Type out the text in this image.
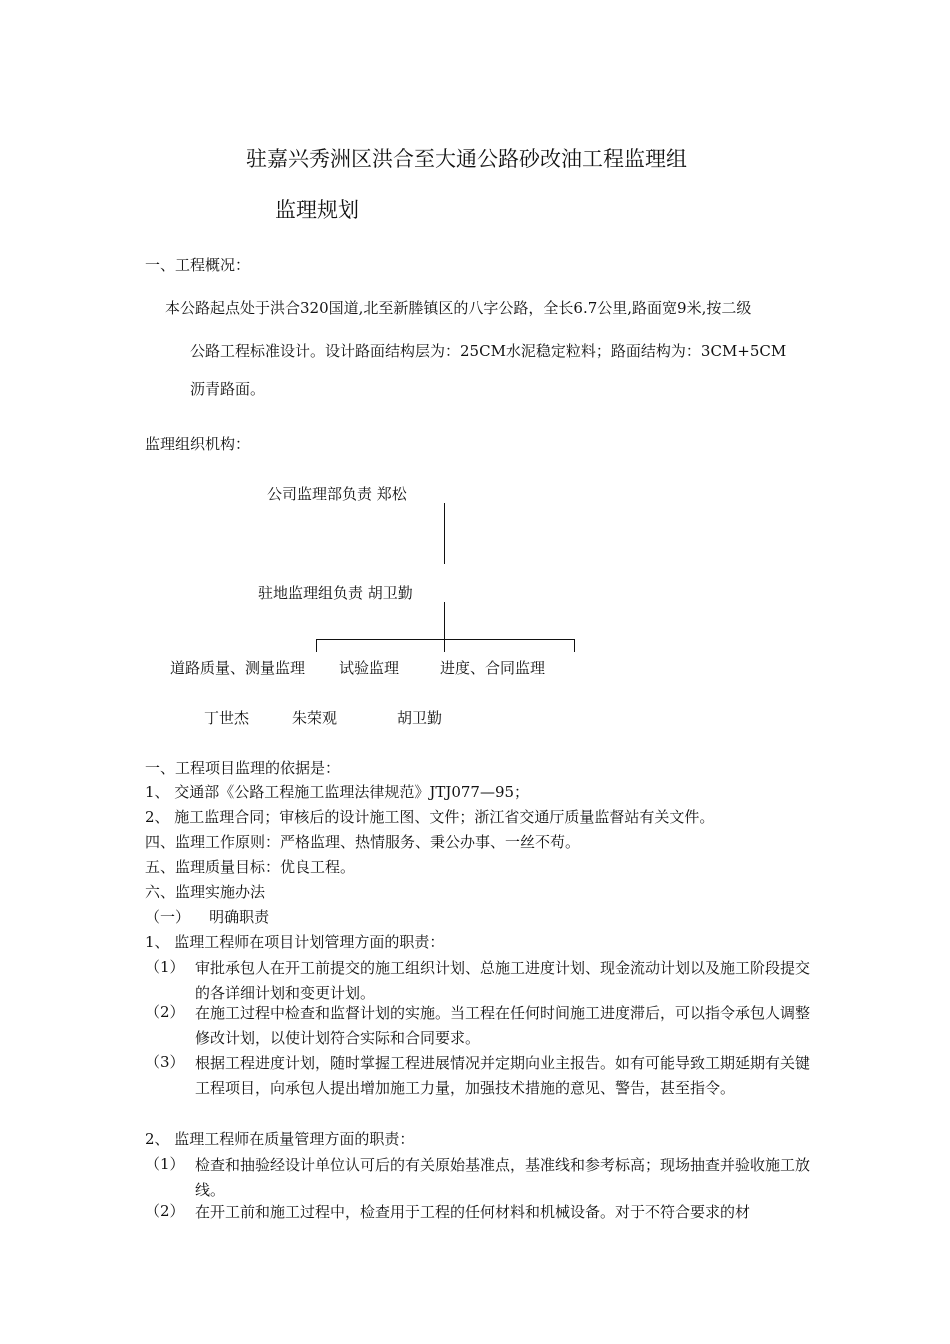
驻嘉兴秀洲区洪合至大通公路砂改油工程监理组
监理规划
一、工程概况：
本公路起点处于洪合320国道,北至新塍镇区的八字公路，全长6.7公里,路面宽9米,按二级
公路工程标准设计。设计路面结构层为：25CM水泥稳定粒料；路面结构为：3CM+5CM
沥青路面。
监理组织机构：
公司监理部负责 郑松
驻地监理组负责 胡卫勤
道路质量、测量监理 试验监理	进度、合同监理
丁世杰	朱荣观	胡卫勤
一、工程项目监理的依据是：
1、 交通部《公路工程施工监理法律规范》JTJ077—95；
2、 施工监理合同；审核后的设计施工图、文件；浙江省交通厅质量监督站有关文件。
四、监理工作原则：严格监理、热情服务、秉公办事、一丝不苟。
五、监理质量目标：优良工程。
六、监理实施办法
（一）    明确职责
1、 监理工程师在项目计划管理方面的职责：
（1） 审批承包人在开工前提交的施工组织计划、总施工进度计划、现金流动计划以及施工阶段提交的各详细计划和变更计划。
（2） 在施工过程中检查和监督计划的实施。当工程在任何时间施工进度滞后，可以指令承包人调整修改计划，以使计划符合实际和合同要求。
（3） 根据工程进度计划，随时掌握工程进展情况并定期向业主报告。如有可能导致工期延期有关键工程项目，向承包人提出增加施工力量，加强技术措施的意见、警告，甚至指令。
2、 监理工程师在质量管理方面的职责：
（1） 检查和抽验经设计单位认可后的有关原始基准点，基准线和参考标高；现场抽查并验收施工放线。
（2） 在开工前和施工过程中，检查用于工程的任何材料和机械设备。对于不符合要求的材
